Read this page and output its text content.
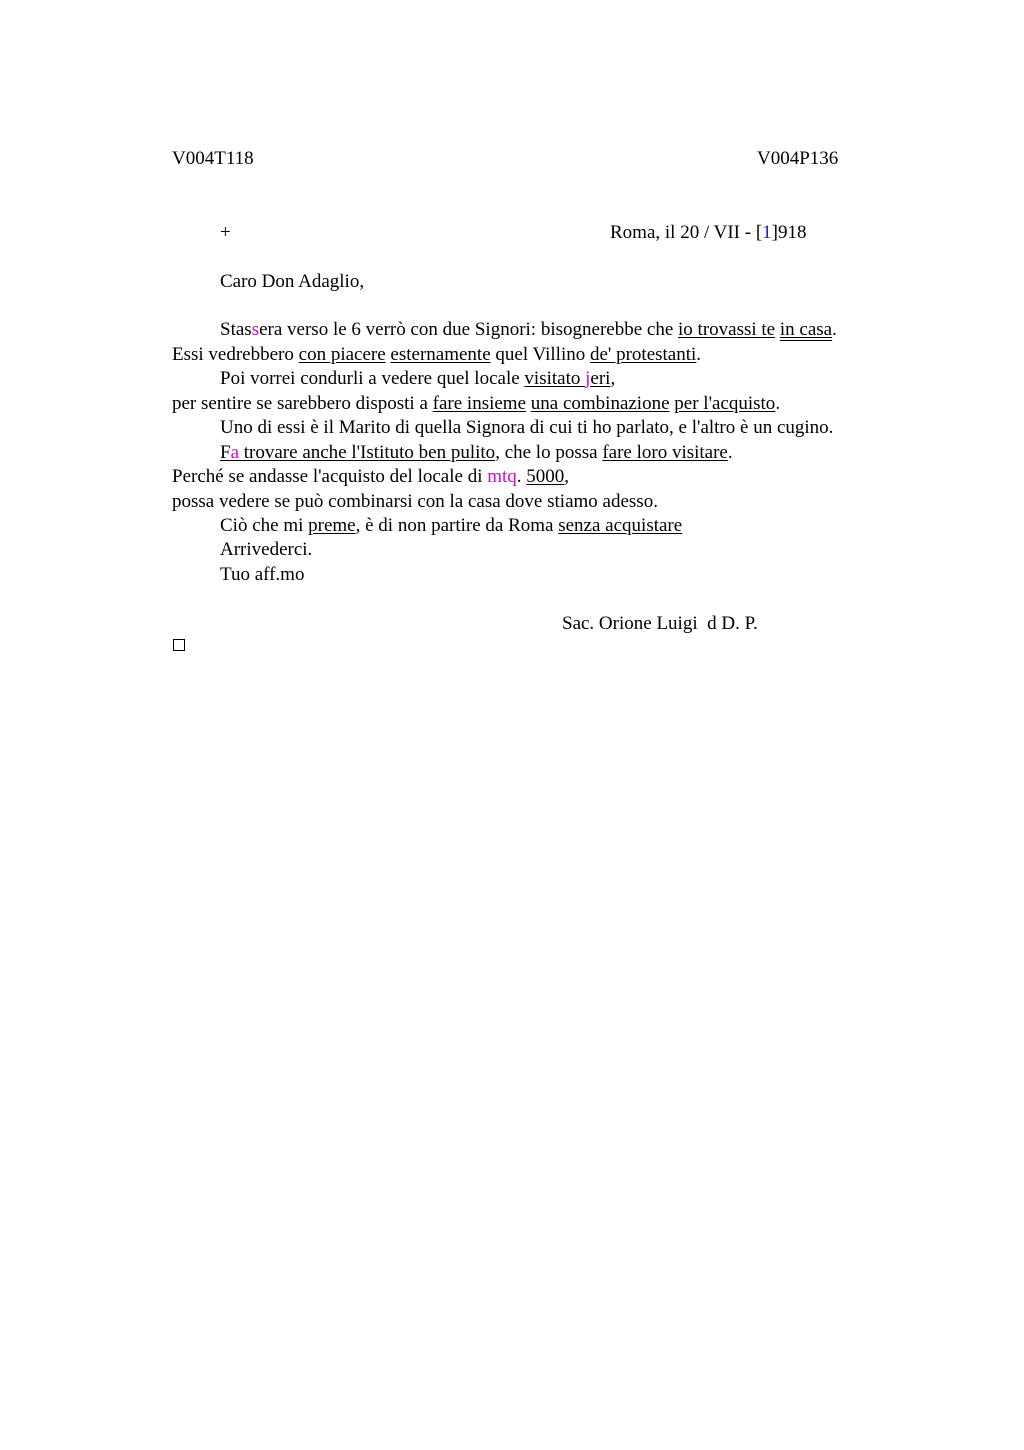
V004T118	V004P136
+	Roma, il 20 / VII - [1]918
Caro Don Adaglio,
Stassera verso le 6 verrò con due Signori: bisognerebbe che io trovassi te in casa.
Essi vedrebbero con piacere esternamente quel Villino de' protestanti.
Poi vorrei condurli a vedere quel locale visitato jeri,
per sentire se sarebbero disposti a fare insieme una combinazione per l'acquisto.
Uno di essi è il Marito di quella Signora di cui ti ho parlato, e l'altro è un cugino.
Fa trovare anche l'Istituto ben pulito, che lo possa fare loro visitare.
Perché se andasse l'acquisto del locale di mtq. 5000,
possa vedere se può combinarsi con la casa dove stiamo adesso.
Ciò che mi preme, è di non partire da Roma senza acquistare
Arrivederci.
Tuo aff.mo
Sac. Orione Luigi  d D. P.
